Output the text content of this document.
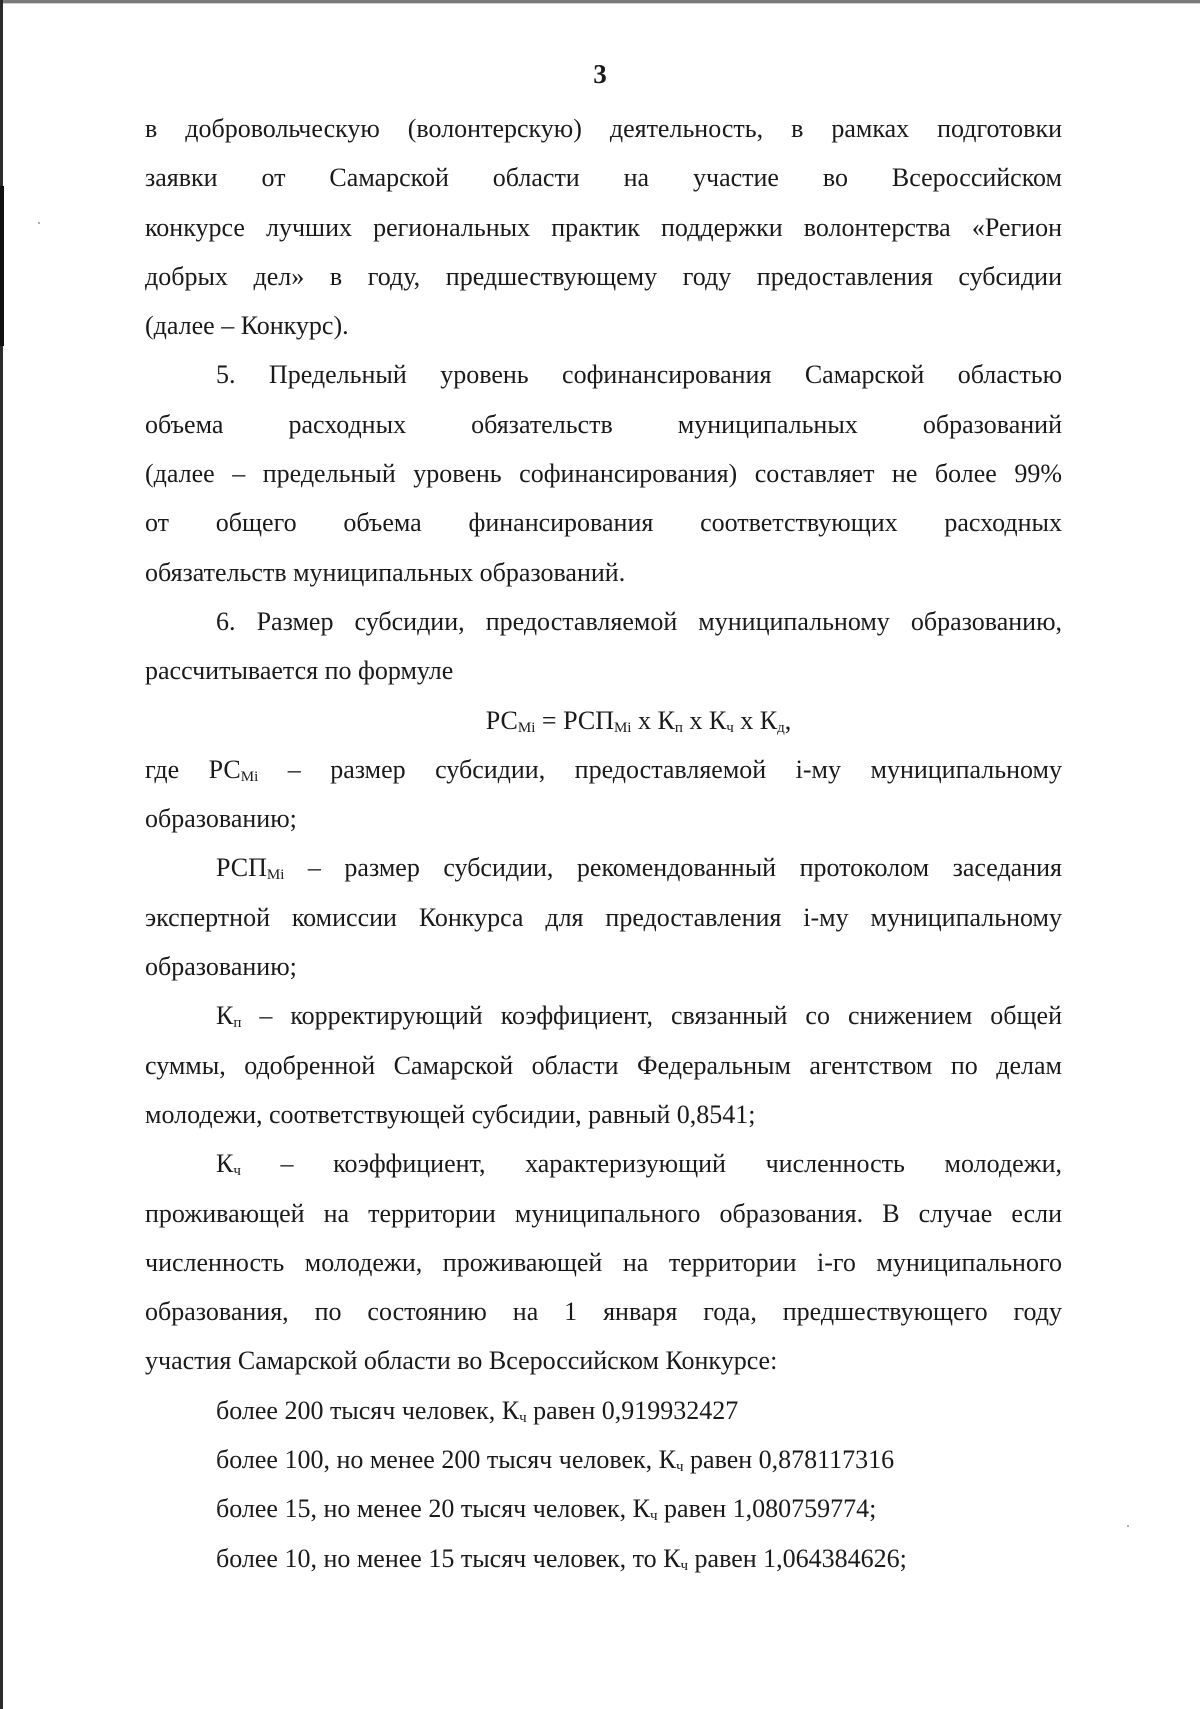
3
в добровольческую (волонтерскую) деятельность, в рамках подготовки
заявки от Самарской области на участие во Всероссийском
конкурсе лучших региональных практик поддержки волонтерства «Регион
добрых дел» в году, предшествующему году предоставления субсидии
(далее – Конкурс).
5. Предельный уровень софинансирования Самарской областью
объема расходных обязательств муниципальных образований
(далее – предельный уровень софинансирования) составляет не более 99%
от общего объема финансирования соответствующих расходных
обязательств муниципальных образований.
6. Размер субсидии, предоставляемой муниципальному образованию,
рассчитывается по формуле
$РС_{Мi} = РСП_{Мi}$ х $К_п$ х $К_ч$ х $К_д$,
где $РС_{Мi}$ – размер субсидии, предоставляемой i-му муниципальному
образованию;
$РСП_{Мi}$ – размер субсидии, рекомендованный протоколом заседания
экспертной комиссии Конкурса для предоставления i-му муниципальному
образованию;
$К_п$ – корректирующий коэффициент, связанный со снижением общей
суммы, одобренной Самарской области Федеральным агентством по делам
молодежи, соответствующей субсидии, равный 0,8541;
$К_ч$ – коэффициент, характеризующий численность молодежи,
проживающей на территории муниципального образования. В случае если
численность молодежи, проживающей на территории i-го муниципального
образования, по состоянию на 1 января года, предшествующего году
участия Самарской области во Всероссийском Конкурсе:
более 200 тысяч человек, $К_ч$ равен 0,919932427
более 100, но менее 200 тысяч человек, $К_ч$ равен 0,878117316
более 15, но менее 20 тысяч человек, $К_ч$ равен 1,080759774;
более 10, но менее 15 тысяч человек, то $К_ч$ равен 1,064384626;
